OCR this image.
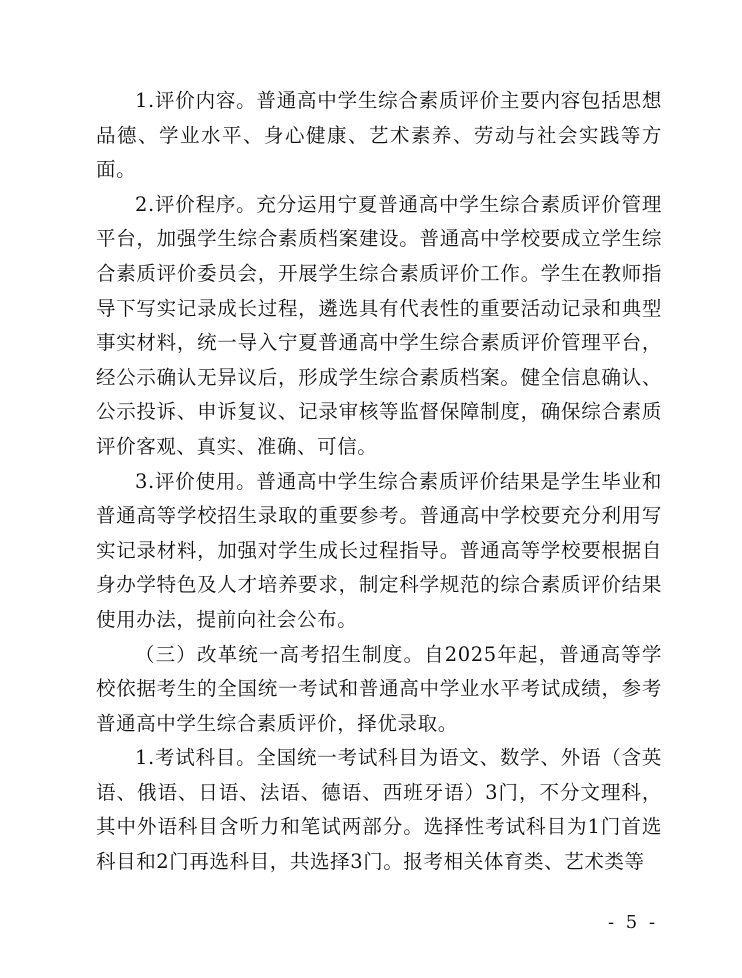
1.评价内容。普通高中学生综合素质评价主要内容包括思想品德、学业水平、身心健康、艺术素养、劳动与社会实践等方面。

2.评价程序。充分运用宁夏普通高中学生综合素质评价管理平台，加强学生综合素质档案建设。普通高中学校要成立学生综合素质评价委员会，开展学生综合素质评价工作。学生在教师指导下写实记录成长过程，遴选具有代表性的重要活动记录和典型事实材料，统一导入宁夏普通高中学生综合素质评价管理平台，经公示确认无异议后，形成学生综合素质档案。健全信息确认、公示投诉、申诉复议、记录审核等监督保障制度，确保综合素质评价客观、真实、准确、可信。

3.评价使用。普通高中学生综合素质评价结果是学生毕业和普通高等学校招生录取的重要参考。普通高中学校要充分利用写实记录材料，加强对学生成长过程指导。普通高等学校要根据自身办学特色及人才培养要求，制定科学规范的综合素质评价结果使用办法，提前向社会公布。

（三）改革统一高考招生制度。自2025年起，普通高等学校依据考生的全国统一考试和普通高中学业水平考试成绩，参考普通高中学生综合素质评价，择优录取。

1.考试科目。全国统一考试科目为语文、数学、外语（含英语、俄语、日语、法语、德语、西班牙语）3门，不分文理科，其中外语科目含听力和笔试两部分。选择性考试科目为1门首选科目和2门再选科目，共选择3门。报考相关体育类、艺术类等

- 5 -
